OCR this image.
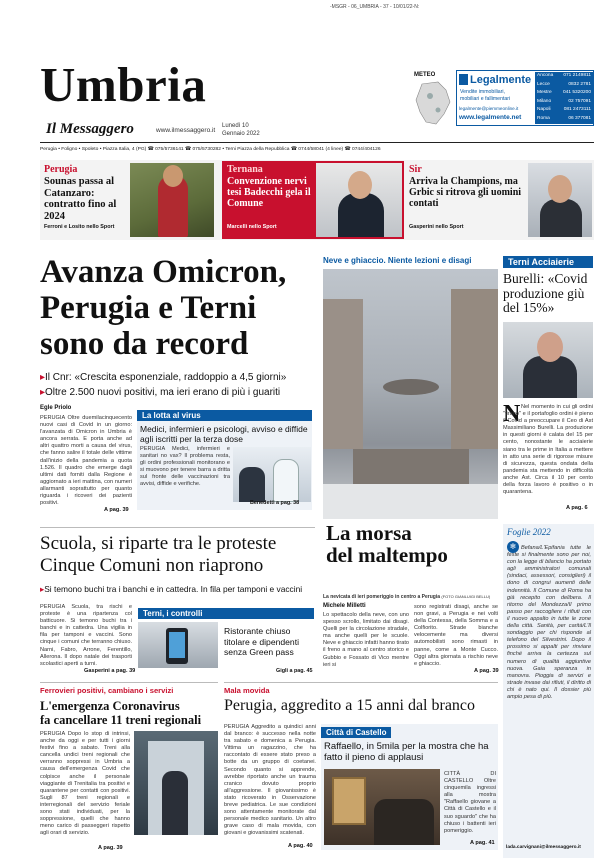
-MSGR - 06_UMBRIA - 37 - 10/01/22-N:
Umbria
Il Messaggero	www.ilmessaggero.it
Lunedì 10
Gennaio 2022
METEO	Legalmente
Vendite immobiliari,
mobiliari e fallimentari
legalmente@piemmeonline.it
www.legalmente.net
Ancona 071 2149811
Lecce	0832 2781
Mestre 041 5320200
Milano	02 757091
Napoli	081 2473111
Roma	06 377081
Perugia • Foligno • Spoleto • Piazza Italia, 4 (PG) ☎ 075/5736141 ☎ 075/5730282 • Terni Piazza della Repubblica ☎ 0744/58041 (4 linee) ☎ 0744/404126
Perugia
Sounas passa al Catanzaro: contratto fino al 2024
Ferroni e Losito nello Sport
Ternana
Convenzione nervi tesi Badecchi gela il Comune
Marcelli nello Sport
Sir
Arriva la Champions, ma Grbic si ritrova gli uomini contati
Gasperini nello Sport
Avanza Omicron,
Perugia e Terni
sono da record
▸Il Cnr: «Crescita esponenziale, raddoppio a 4,5 giorni»
▸Oltre 2.500 nuovi positivi, ma ieri erano di più i guariti
Egle Priolo
PERUGIA Oltre duemilacinquecento nuovi casi di Covid in un giorno: l'avanzata di Omicron in Umbria è ancora serrata. E porta anche ad altri quattro morti a causa del virus, che fanno salire il totale delle vittime dall'inizio della pandemia a quota 1.526. Il quadro che emerge dagli ultimi dati forniti dalla Regione è aggiornato a ieri mattina, con numeri allarmanti soprattutto per quanto riguarda i ricoveri dei pazienti positivi.
A pag. 39
La lotta al virus
Medici, infermieri e psicologi, avviso e diffide agli iscritti per la terza dose
PERUGIA Medici, infermieri e sanitari no vax? Il problema resta, gli ordini professionali monitorano e si muovono per tenere barra a dritta sul fronte delle vaccinazioni tra avvisi, diffide e verifiche.
Benedetti a pag. 38
Neve e ghiaccio. Niente lezioni e disagi
La morsa
del maltempo
La nevicata di ieri pomeriggio in centro a Perugia (FOTO GIANLUIGI BELLU)
Michele Milletti
Lo spettacolo della neve, con uno spesso scrollo, limitato dai disagi. Quelli per la circolazione stradale, ma anche quelli per le scuole. Neve e ghiaccio infatti hanno tirato il freno a mano al centro storico e Gubbio e Fossato di Vico mentre ieri si
sono registrati disagi, anche se non gravi, a Perugia e nei volti della Contessa, della Somma e a Colfiorito. Strade bianche velocemente ma diversi automobilisti sono rimasti in panne, come a Monte Cucco. Oggi altra giornata a rischio neve e ghiaccio.
A pag. 39
Terni Acciaierie
Burelli: «Covid produzione giù del 15%»
N Nel momento in cui gli ordini "tirano" e il portafoglio ordini è pieno il Covid a preoccupare il Ceo di Ast Massimiliano Burelli. La produzione in questi giorni è calata del 15 per cento, nonostante le acciaierie siano tra le prime in Italia a mettere in atto una serie di rigorose misure di sicurezza, questa ondata della pandemia sta mettendo in difficoltà anche Ast. Circa il 10 per cento della forza lavoro è positivo o in quarantena.
A pag. 6
Scuola, si riparte tra le proteste
Cinque Comuni non riaprono
▸Si temono buchi tra i banchi e in cattedra. In fila per tamponi e vaccini
PERUGIA Scuola, tra rischi e proteste è una ripartenza col batticuore. Si temono buchi tra i banchi e in cattedra. Una vigilia in fila per tamponi e vaccini. Sono cinque i comuni che terranno chiuso. Narni, Fabro, Arrone, Ferentillo, Allerona. Il dopo natale dei trasporti scolastici aperti a turni.
Gasperini a pag. 39
Terni, i controlli
Ristorante chiuso titolare e dipendenti senza Green pass
Gigli a pag. 45
Ferrovieri positivi, cambiano i servizi
L'emergenza Coronavirus
fa cancellare 11 treni regionali
PERUGIA Dopo lo stop di intrinsi, anche da oggi e per tutti i giorni festivi fino a sabato. Treni alla cancella undici treni regionali che verranno soppressi in Umbria a causa dell'emergenza Covid che colpisce anche il personale viaggiante di Trenitalia tra positivi e quarantene per contatti con positivi. Sugli 87 treni regionali e interregionali del servizio feriale sono stati individuati, per la soppressione, quelli che hanno meno carico di passeggeri rispetto agli orari di servizio.
A pag. 39
Mala movida
Perugia, aggredito a 15 anni dal branco
PERUGIA Aggredito a quindici anni dal branco: è successo nella notte tra sabato e domenica a Perugia. Vittima un ragazzino, che ha raccontato di essere stato preso a botte da un gruppo di coetanei. Secondo quanto si apprende, avrebbe riportato anche un trauma cranico dovuto proprio all'aggressione. Il giovanissimo è stato ricoverato in Osservazione breve pediatrica. Le sue condizioni sono attentamente monitorate dal personale medico sanitario. Un altro grave caso di mala movida, con giovani e giovanissimi scatenati.
A pag. 40
Città di Castello
Raffaello, in 5mila per la mostra che ha fatto il pieno di applausi
CITTÀ DI CASTELLO Oltre cinquemila ingressi alla mostra "Raffaello giovane a Città di Castello e il suo sguardo" che ha chiuso i battenti ieri pomeriggio.
A pag. 41
Foglie 2022
❄ Befana/L'Epifania tutte le feste si finalmente sono per noi, con la legge di bilancio ha portato agli amministratori comunali (sindaci, assessori, consiglieri) il dono di congrui aumenti delle indennità. Il Comune di Roma ha già recepito con delibera. Il ritorno del Mondezza/Il primo passo per raccogliere i rifiuti con il nuovo appalto in tutte le zone della città. Sanità, per carità/L'Il sondaggio per chi risponde al telefono del Silvestrini. Dopo il prossimo si appalti per rinviare finché arriva la certezza sul numero di qualità aggiuntive nuova. Gaia speranza in manovra. Pioggia di servizi e strade invase dai rifiuti, il diritto di chi è nato qui. Il dossier più ampio pesa di più.
lada.carvignani@ilmessaggero.it
